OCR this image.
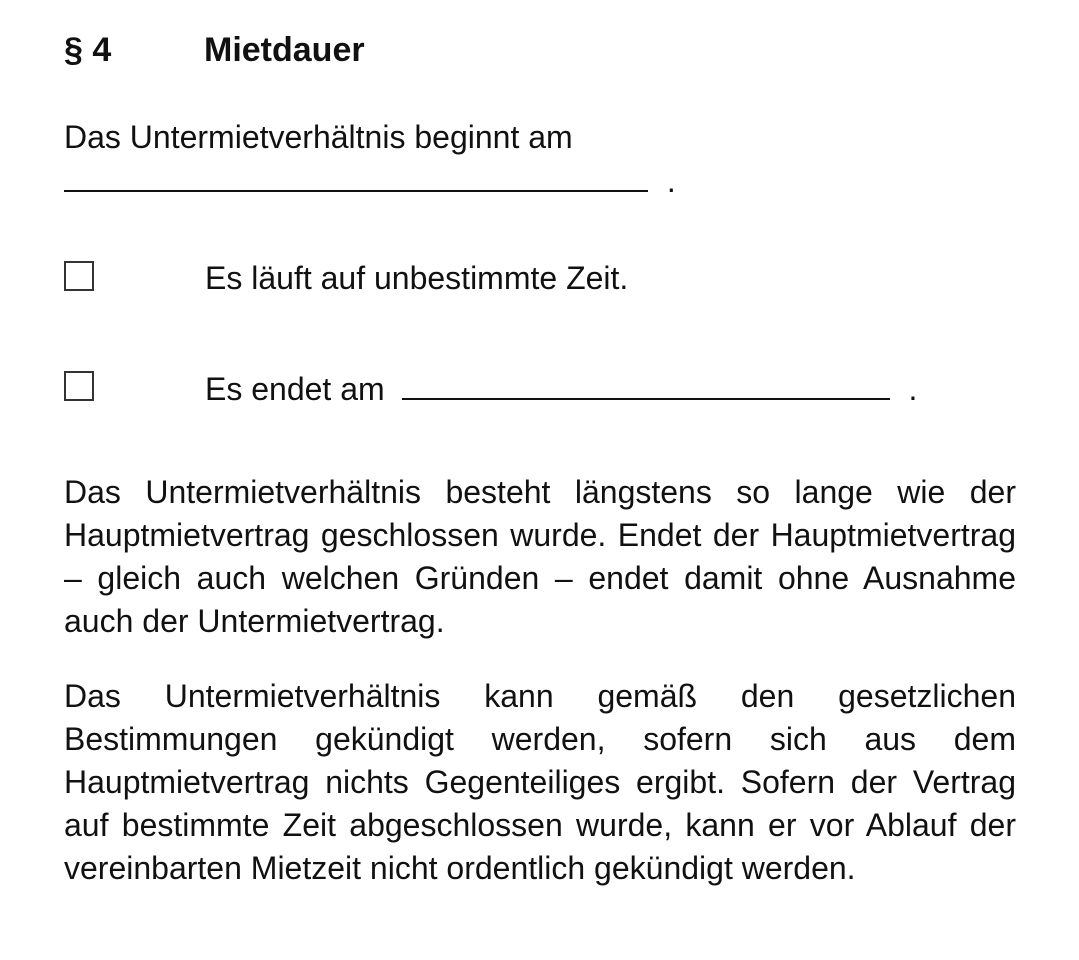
§ 4	Mietdauer
Das Untermietverhältnis beginnt am
.
Es läuft auf unbestimmte Zeit.
Es endet am	.
Das Untermietverhältnis besteht längstens so lange wie der Hauptmietvertrag geschlossen wurde. Endet der Hauptmietvertrag – gleich auch welchen Gründen – endet damit ohne Ausnahme auch der Untermietvertrag.
Das Untermietverhältnis kann gemäß den gesetzlichen Bestimmungen gekündigt werden, sofern sich aus dem Hauptmietvertrag nichts Gegenteiliges ergibt. Sofern der Vertrag auf bestimmte Zeit abgeschlossen wurde, kann er vor Ablauf der vereinbarten Mietzeit nicht ordentlich gekündigt werden.
